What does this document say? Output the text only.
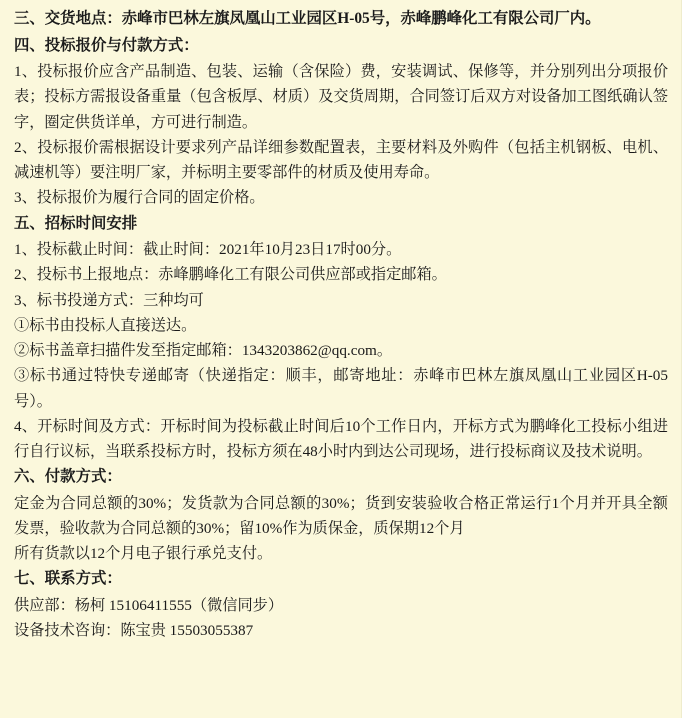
三、交货地点：赤峰市巴林左旗凤凰山工业园区H-05号，赤峰鹏峰化工有限公司厂内。
四、投标报价与付款方式：

1、投标报价应含产品制造、包装、运输（含保险）费，安装调试、保修等，并分别列出分项报价表；投标方需报设备重量（包含板厚、材质）及交货周期，合同签订后双方对设备加工图纸确认签字，圈定供货详单，方可进行制造。

2、投标报价需根据设计要求列产品详细参数配置表，主要材料及外购件（包括主机钢板、电机、减速机等）要注明厂家，并标明主要零部件的材质及使用寿命。

3、投标报价为履行合同的固定价格。

五、招标时间安排

1、投标截止时间：截止时间：2021年10月23日17时00分。

2、投标书上报地点：赤峰鹏峰化工有限公司供应部或指定邮箱。

3、标书投递方式：三种均可

①标书由投标人直接送达。

②标书盖章扫描件发至指定邮箱：1343203862@qq.com。

③标书通过特快专递邮寄（快递指定：顺丰，邮寄地址：赤峰市巴林左旗凤凰山工业园区H-05号）。

4、开标时间及方式：开标时间为投标截止时间后10个工作日内，开标方式为鹏峰化工投标小组进行自行议标，当联系投标方时，投标方须在48小时内到达公司现场，进行投标商议及技术说明。

六、付款方式：

定金为合同总额的30%；发货款为合同总额的30%；货到安装验收合格正常运行1个月并开具全额发票，验收款为合同总额的30%；留10%作为质保金，质保期12个月

所有货款以12个月电子银行承兑支付。

七、联系方式：

供应部：杨柯 15106411555（微信同步）

设备技术咨询：陈宝贵 15503055387
